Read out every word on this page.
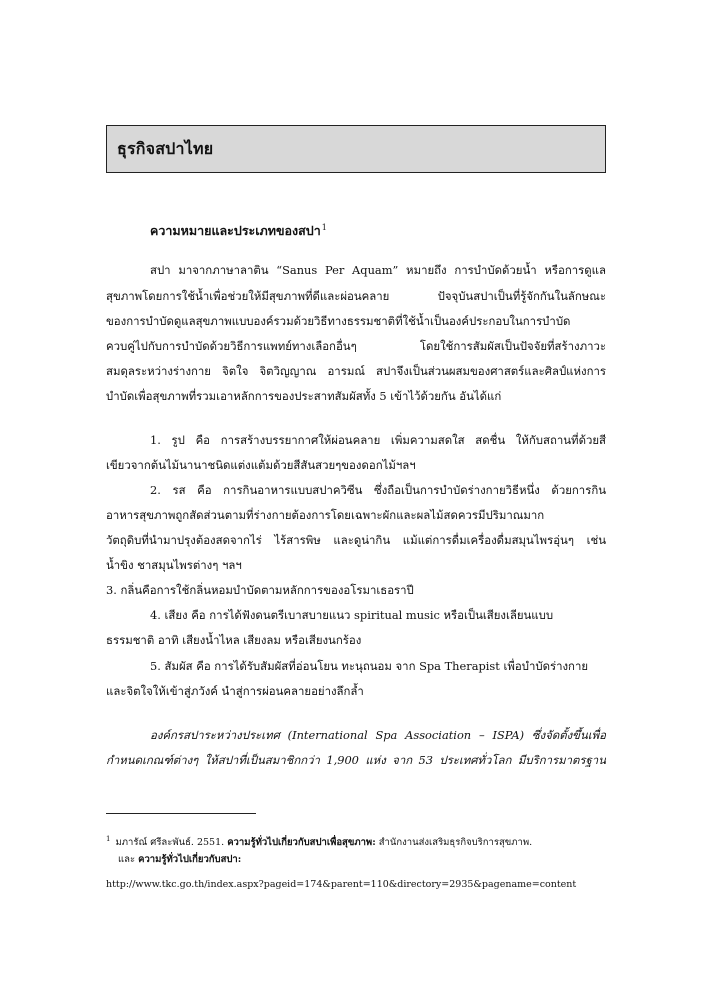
ธุรกิจสปาไทย
ความหมายและประเภทของสปา$^1$
สปา มาจากภาษาลาติน “Sanus Per Aquam” หมายถึง การบำบัดด้วยน้ำ หรือการดูแล
สุขภาพโดยการใช้น้ำเพื่อช่วยให้มีสุขภาพที่ดีและผ่อนคลาย ปัจจุบันสปาเป็นที่รู้จักกันในลักษณะ
ของการบำบัดดูแลสุขภาพแบบองค์รวมด้วยวิธีทางธรรมชาติที่ใช้น้ำเป็นองค์ประกอบในการบำบัด
ควบคู่ไปกับการบำบัดด้วยวิธีการแพทย์ทางเลือกอื่นๆ โดยใช้การสัมผัสเป็นปัจจัยที่สร้างภาวะ
สมดุลระหว่างร่างกาย จิตใจ จิตวิญญาณ อารมณ์ สปาจึงเป็นส่วนผสมของศาสตร์และศิลป์แห่งการ
บำบัดเพื่อสุขภาพที่รวมเอาหลักการของประสาทสัมผัสทั้ง 5 เข้าไว้ด้วยกัน อันได้แก่
1. รูป คือ การสร้างบรรยากาศให้ผ่อนคลาย เพิ่มความสดใส สดชื่น ให้กับสถานที่ด้วยสี
เขียวจากต้นไม้นานาชนิดแต่งแต้มด้วยสีสันสวยๆของดอกไม้ฯลฯ
2. รส คือ การกินอาหารแบบสปาควิซีน ซึ่งถือเป็นการบำบัดร่างกายวิธีหนึ่ง ด้วยการกิน
อาหารสุขภาพถูกสัดส่วนตามที่ร่างกายต้องการโดยเฉพาะผักและผลไม้สดควรมีปริมาณมาก
วัตถุดิบที่นำมาปรุงต้องสดจากไร่ ไร้สารพิษ และดูน่ากิน แม้แต่การดื่มเครื่องดื่มสมุนไพรอุ่นๆ เช่น
น้ำขิง ชาสมุนไพรต่างๆ ฯลฯ
3. กลิ่นคือการใช้กลิ่นหอมบำบัดตามหลักการของอโรมาเธอราปี
4. เสียง คือ การได้ฟังดนตรีเบาสบายแนว spiritual music หรือเป็นเสียงเลียนแบบ
ธรรมชาติ อาทิ เสียงน้ำไหล เสียงลม หรือเสียงนกร้อง
5. สัมผัส คือ การได้รับสัมผัสที่อ่อนโยน ทะนุถนอม จาก Spa Therapist เพื่อบำบัดร่างกาย
และจิตใจให้เข้าสู่ภวังค์ นำสู่การผ่อนคลายอย่างลึกล้ำ
องค์กรสปาระหว่างประเทศ (International Spa Association – ISPA) ซึ่งจัดตั้งขึ้นเพื่อ
กำหนดเกณฑ์ต่างๆ ให้สปาที่เป็นสมาชิกกว่า 1,900 แห่ง จาก 53 ประเทศทั่วโลก มีบริการมาตรฐาน
$^1$ มภารัณ์ ศรีละพันธ์. 2551. ความรู้ทั่วไปเกี่ยวกับสปาเพื่อสุขภาพ: สำนักงานส่งเสริมธุรกิจบริการสุขภาพ.
และ ความรู้ทั่วไปเกี่ยวกับสปา:
http://www.tkc.go.th/index.aspx?pageid=174&parent=110&directory=2935&pagename=content
